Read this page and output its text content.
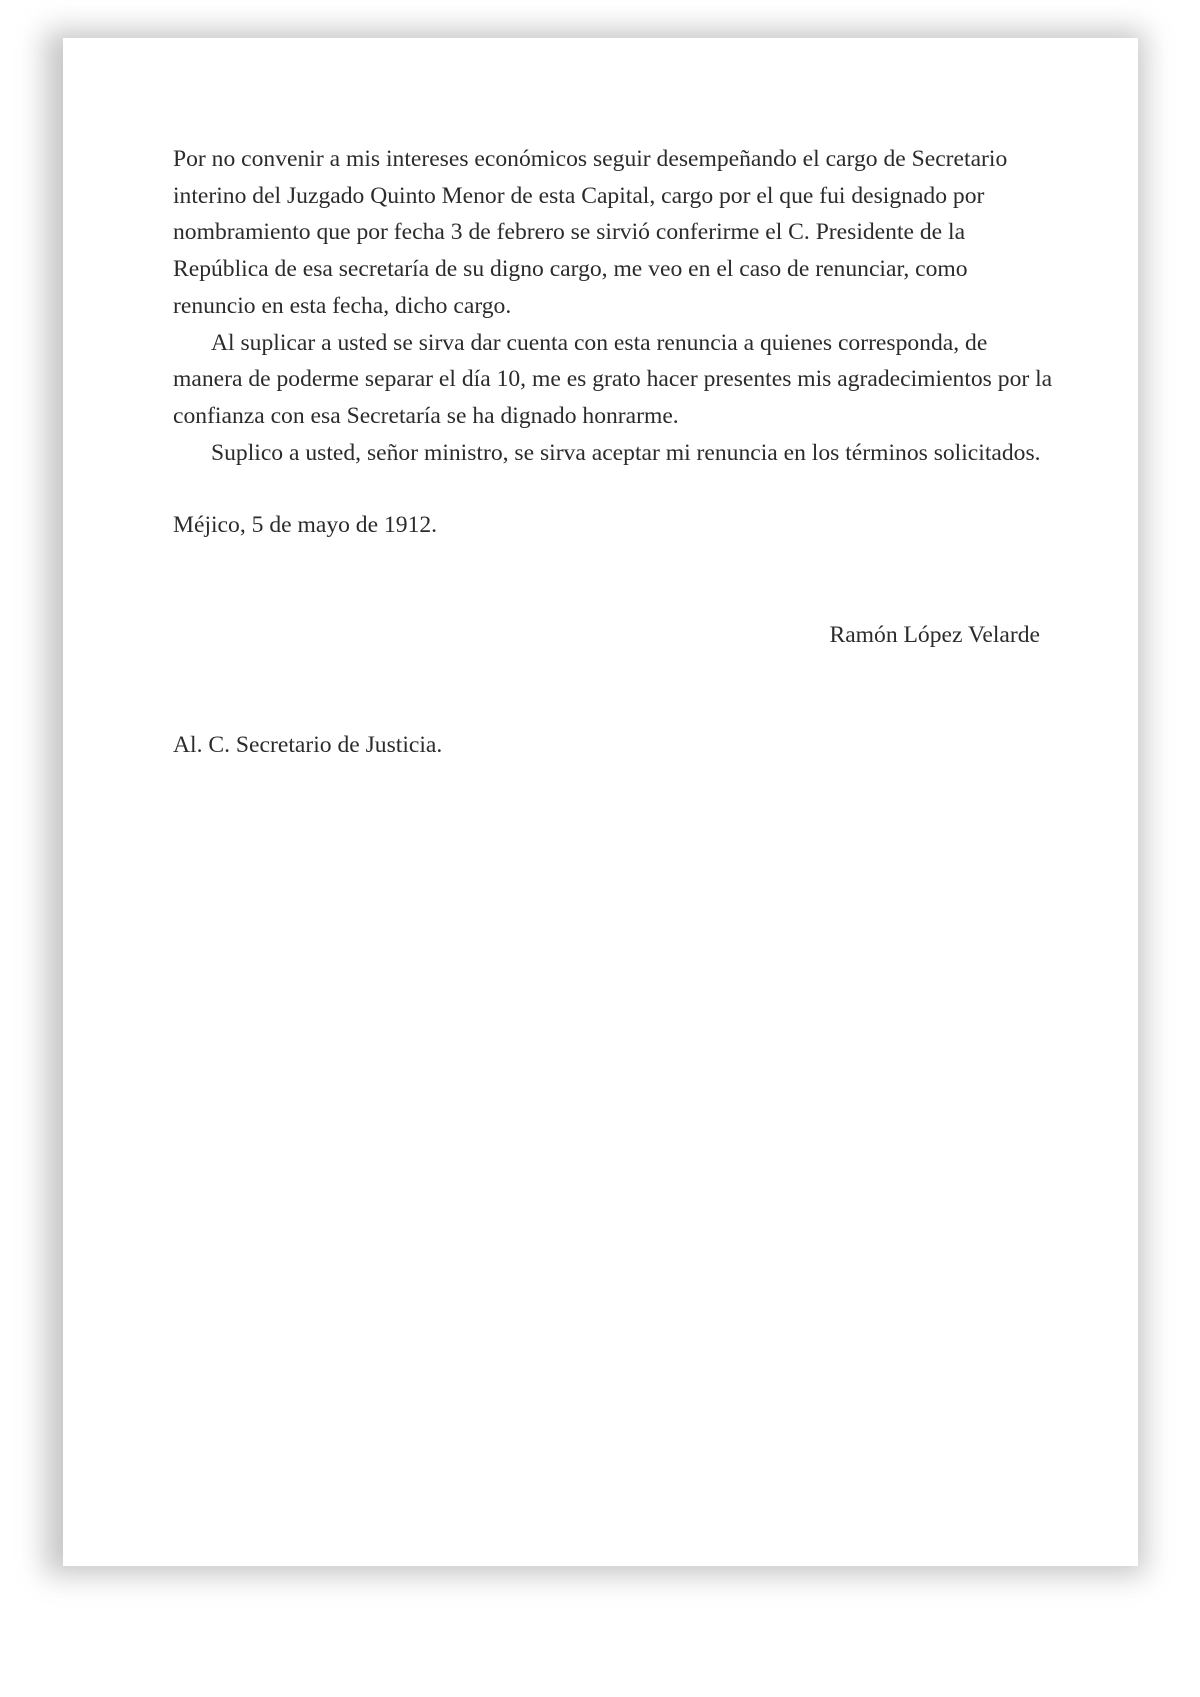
Por no convenir a mis intereses económicos seguir desempeñando el cargo de Secretario interino del Juzgado Quinto Menor de esta Capital, cargo por el que fui designado por nombramiento que por fecha 3 de febrero se sirvió conferirme el C. Presidente de la República de esa secretaría de su digno cargo, me veo en el caso de renunciar, como renuncio en esta fecha, dicho cargo.

Al suplicar a usted se sirva dar cuenta con esta renuncia a quienes corresponda, de manera de poderme separar el día 10, me es grato hacer presentes mis agradecimientos por la confianza con esa Secretaría se ha dignado honrarme.

Suplico a usted, señor ministro, se sirva aceptar mi renuncia en los términos solicitados.

Méjico, 5 de mayo de 1912.

Ramón López Velarde

Al. C. Secretario de Justicia.
